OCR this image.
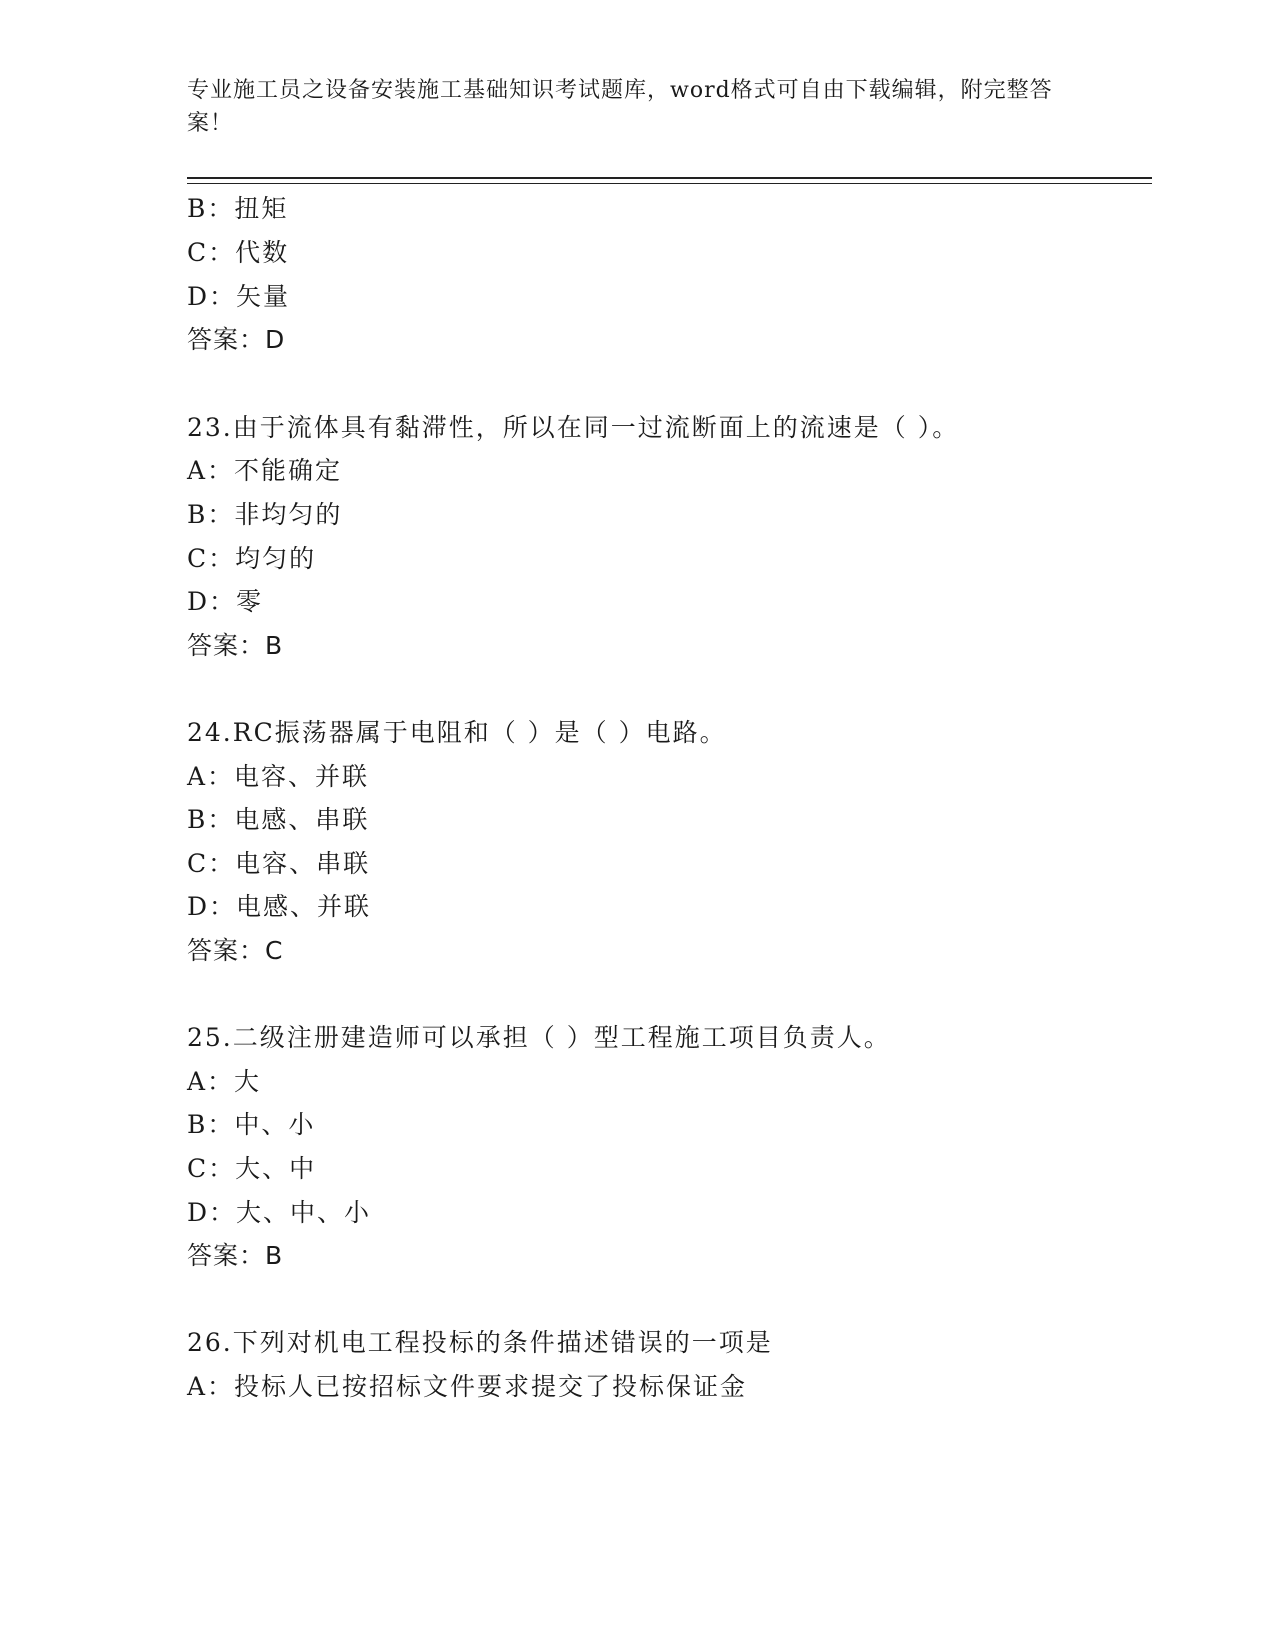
专业施工员之设备安装施工基础知识考试题库，word格式可自由下载编辑，附完整答案！
B：扭矩
C：代数
D：矢量
答案：D
23.由于流体具有黏滞性，所以在同一过流断面上的流速是（ ）。
A：不能确定
B：非均匀的
C：均匀的
D：零
答案：B
24.RC振荡器属于电阻和（ ）是（ ）电路。
A：电容、并联
B：电感、串联
C：电容、串联
D：电感、并联
答案：C
25.二级注册建造师可以承担（ ）型工程施工项目负责人。
A：大
B：中、小
C：大、中
D：大、中、小
答案：B
26.下列对机电工程投标的条件描述错误的一项是
A：投标人已按招标文件要求提交了投标保证金
